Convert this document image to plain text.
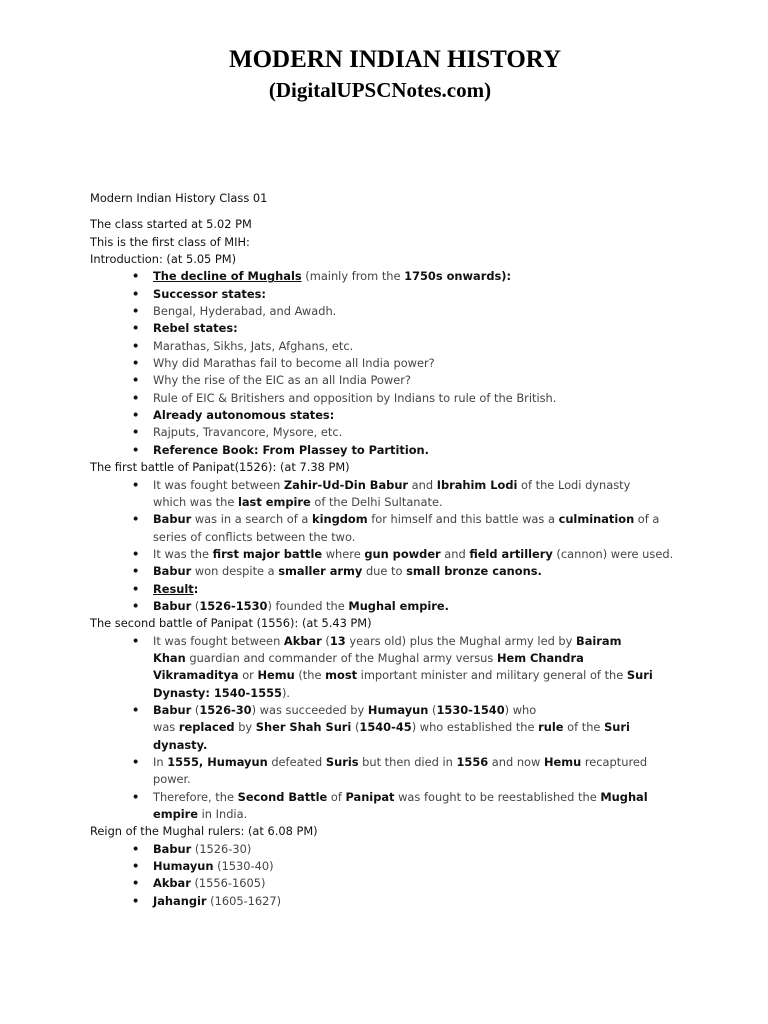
MODERN INDIAN HISTORY
(DigitalUPSCNotes.com)
Modern Indian History Class 01
The class started at 5.02 PM
This is the first class of MIH:
Introduction: (at 5.05 PM)
• The decline of Mughals (mainly from the 1750s onwards):
• Successor states:
• Bengal, Hyderabad, and Awadh.
• Rebel states:
• Marathas, Sikhs, Jats, Afghans, etc.
• Why did Marathas fail to become all India power?
• Why the rise of the EIC as an all India Power?
• Rule of EIC & Britishers and opposition by Indians to rule of the British.
• Already autonomous states:
• Rajputs, Travancore, Mysore, etc.
• Reference Book: From Plassey to Partition.
The first battle of Panipat(1526): (at 7.38 PM)
• It was fought between Zahir-Ud-Din Babur and Ibrahim Lodi of the Lodi dynasty
which was the last empire of the Delhi Sultanate.
• Babur was in a search of a kingdom for himself and this battle was a culmination of a
series of conflicts between the two.
• It was the first major battle where gun powder and field artillery (cannon) were used.
• Babur won despite a smaller army due to small bronze canons.
• Result:
• Babur (1526-1530) founded the Mughal empire.
The second battle of Panipat (1556): (at 5.43 PM)
• It was fought between Akbar (13 years old) plus the Mughal army led by Bairam
Khan guardian and commander of the Mughal army versus Hem Chandra
Vikramaditya or Hemu (the most important minister and military general of the Suri
Dynasty: 1540-1555).
• Babur (1526-30) was succeeded by Humayun (1530-1540) who
was replaced by Sher Shah Suri (1540-45) who established the rule of the Suri
dynasty.
• In 1555, Humayun defeated Suris but then died in 1556 and now Hemu recaptured
power.
• Therefore, the Second Battle of Panipat was fought to be reestablished the Mughal
empire in India.
Reign of the Mughal rulers: (at 6.08 PM)
• Babur (1526-30)
• Humayun (1530-40)
• Akbar (1556-1605)
• Jahangir (1605-1627)
